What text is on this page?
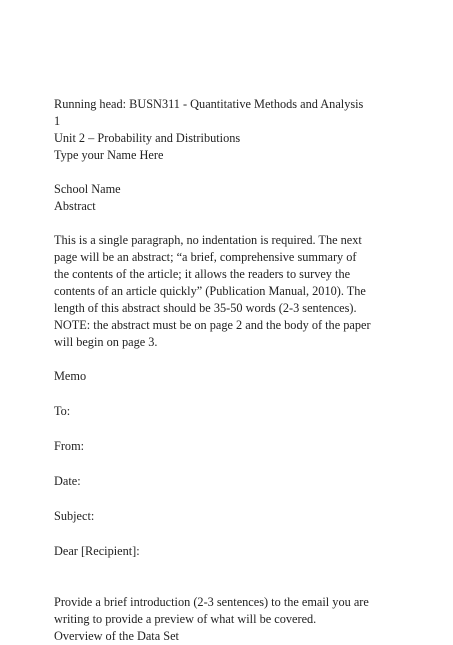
Running head: BUSN311 - Quantitative Methods and Analysis

1

Unit 2 – Probability and Distributions

Type your Name Here

School Name

Abstract

This is a single paragraph, no indentation is required. The next

page will be an abstract; “a brief, comprehensive summary of

the contents of the article; it allows the readers to survey the

contents of an article quickly” (Publication Manual, 2010). The

length of this abstract should be 35-50 words (2-3 sentences).

NOTE: the abstract must be on page 2 and the body of the paper

will begin on page 3.

Memo

To:

From:

Date:

Subject:

Dear [Recipient]:

Provide a brief introduction (2-3 sentences) to the email you are

writing to provide a preview of what will be covered.

Overview of the Data Set
